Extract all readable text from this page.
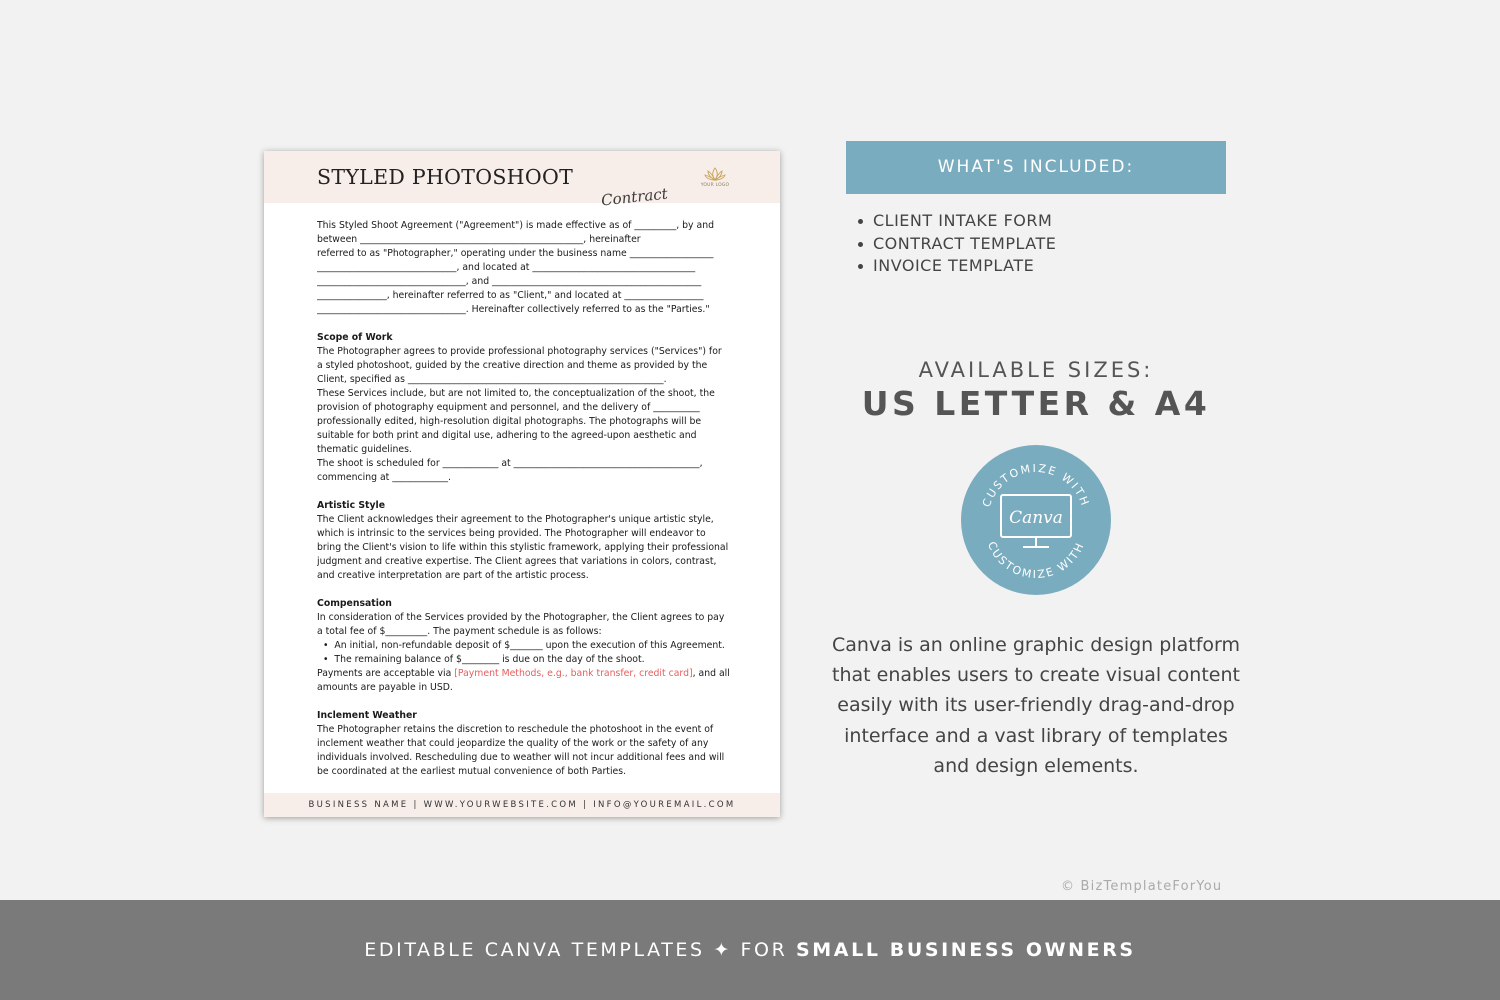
STYLED PHOTOSHOOT
Contract	YOUR LOGO
This Styled Shoot Agreement ("Agreement") is made effective as of _________, by and
between ________________________________________________, hereinafter
referred to as "Photographer," operating under the business name __________________
______________________________, and located at ___________________________________
________________________________, and _____________________________________________
_______________, hereinafter referred to as "Client," and located at _________________
________________________________. Hereinafter collectively referred to as the "Parties."
Scope of Work
The Photographer agrees to provide professional photography services ("Services") for
a styled photoshoot, guided by the creative direction and theme as provided by the
Client, specified as _______________________________________________________.
These Services include, but are not limited to, the conceptualization of the shoot, the
provision of photography equipment and personnel, and the delivery of __________
professionally edited, high-resolution digital photographs. The photographs will be
suitable for both print and digital use, adhering to the agreed-upon aesthetic and
thematic guidelines.
The shoot is scheduled for ____________ at ________________________________________,
commencing at ____________.
Artistic Style
The Client acknowledges their agreement to the Photographer's unique artistic style,
which is intrinsic to the services being provided. The Photographer will endeavor to
bring the Client's vision to life within this stylistic framework, applying their professional
judgment and creative expertise. The Client agrees that variations in colors, contrast,
and creative interpretation are part of the artistic process.
Compensation
In consideration of the Services provided by the Photographer, the Client agrees to pay
a total fee of $_________. The payment schedule is as follows:
•  An initial, non-refundable deposit of $_______ upon the execution of this Agreement.
•  The remaining balance of $________ is due on the day of the shoot.
Payments are acceptable via [Payment Methods, e.g., bank transfer, credit card], and all
amounts are payable in USD.
Inclement Weather
The Photographer retains the discretion to reschedule the photoshoot in the event of
inclement weather that could jeopardize the quality of the work or the safety of any
individuals involved. Rescheduling due to weather will not incur additional fees and will
be coordinated at the earliest mutual convenience of both Parties.
BUSINESS NAME | WWW.YOURWEBSITE.COM | INFO@YOUREMAIL.COM
WHAT'S INCLUDED:
CLIENT INTAKE FORM
CONTRACT TEMPLATE
INVOICE TEMPLATE
AVAILABLE SIZES:
US LETTER & A4
CUSTOMIZE WITH
CUSTOMIZE WITH
Canva
Canva is an online graphic design platform
that enables users to create visual content
easily with its user-friendly drag-and-drop
interface and a vast library of templates
and design elements.
© BizTemplateForYou
EDITABLE CANVA TEMPLATES ✦ FOR SMALL BUSINESS OWNERS
